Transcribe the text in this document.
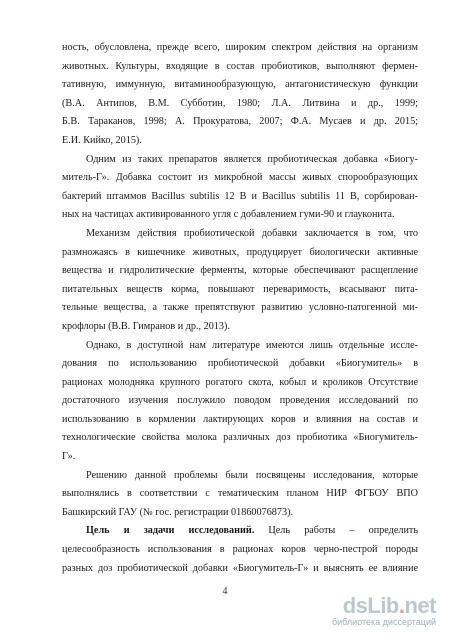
ность, обусловлена, прежде всего, широким спектром действия на организм
животных. Культуры, входящие в состав пробиотиков, выполняют фермен-
тативную, иммунную, витаминообразующую, антагонистическую функции
(В.А. Антипов, В.М. Субботин, 1980; Л.А. Литвина и др., 1999;
Б.В. Тараканов, 1998; А. Прокуратова, 2007; Ф.А. Мусаев и др. 2015;
Е.И. Кийко, 2015).
Одним из таких препаратов является пробиотическая добавка «Биогу-
митель-Г». Добавка состоит из микробной массы живых спорообразующих
бактерий штаммов Bacillus subtilis 12 В и Bacillus subtilis 11 В, сорбирован-
ных на частицах активированного угля с добавлением гуми-90 и глауконита.
Механизм действия пробиотической добавки заключается в том, что
размножаясь в кишечнике животных, продуцирует биологически активные
вещества и гидролитические ферменты, которые обеспечивают расщепление
питательных веществ корма, повышают переваримость, всасывают пита-
тельные вещества, а также препятствуют развитию условно-патогенной ми-
крофлоры (В.В. Гимранов и др., 2013).
Однако, в доступной нам литературе имеются лишь отдельные иссле-
дования по использованию пробиотической добавки «Биогумитель» в
рационах молодняка крупного рогатого скота, кобыл и кроликов Отсутствие
достаточного изучения послужило поводом проведения исследований по
использованию в кормлении лактирующих коров и влияния на состав и
технологические свойства молока различных доз пробиотика «Биогумитель-
Г».
Решению данной проблемы были посвящены исследования, которые
выполнялись в соответствии с тематическим планом НИР ФГБОУ ВПО
Башкирский ГАУ (№ гос. регистрации 01860076873).
Цель и задачи исследований. Цель работы – определить
целесообразность использования в рационах коров черно-пестрой породы
разных доз пробиотической добавки «Биогумитель-Г» и выяснять ее влияние
4
dsLib.net
библиотека диссертаций
